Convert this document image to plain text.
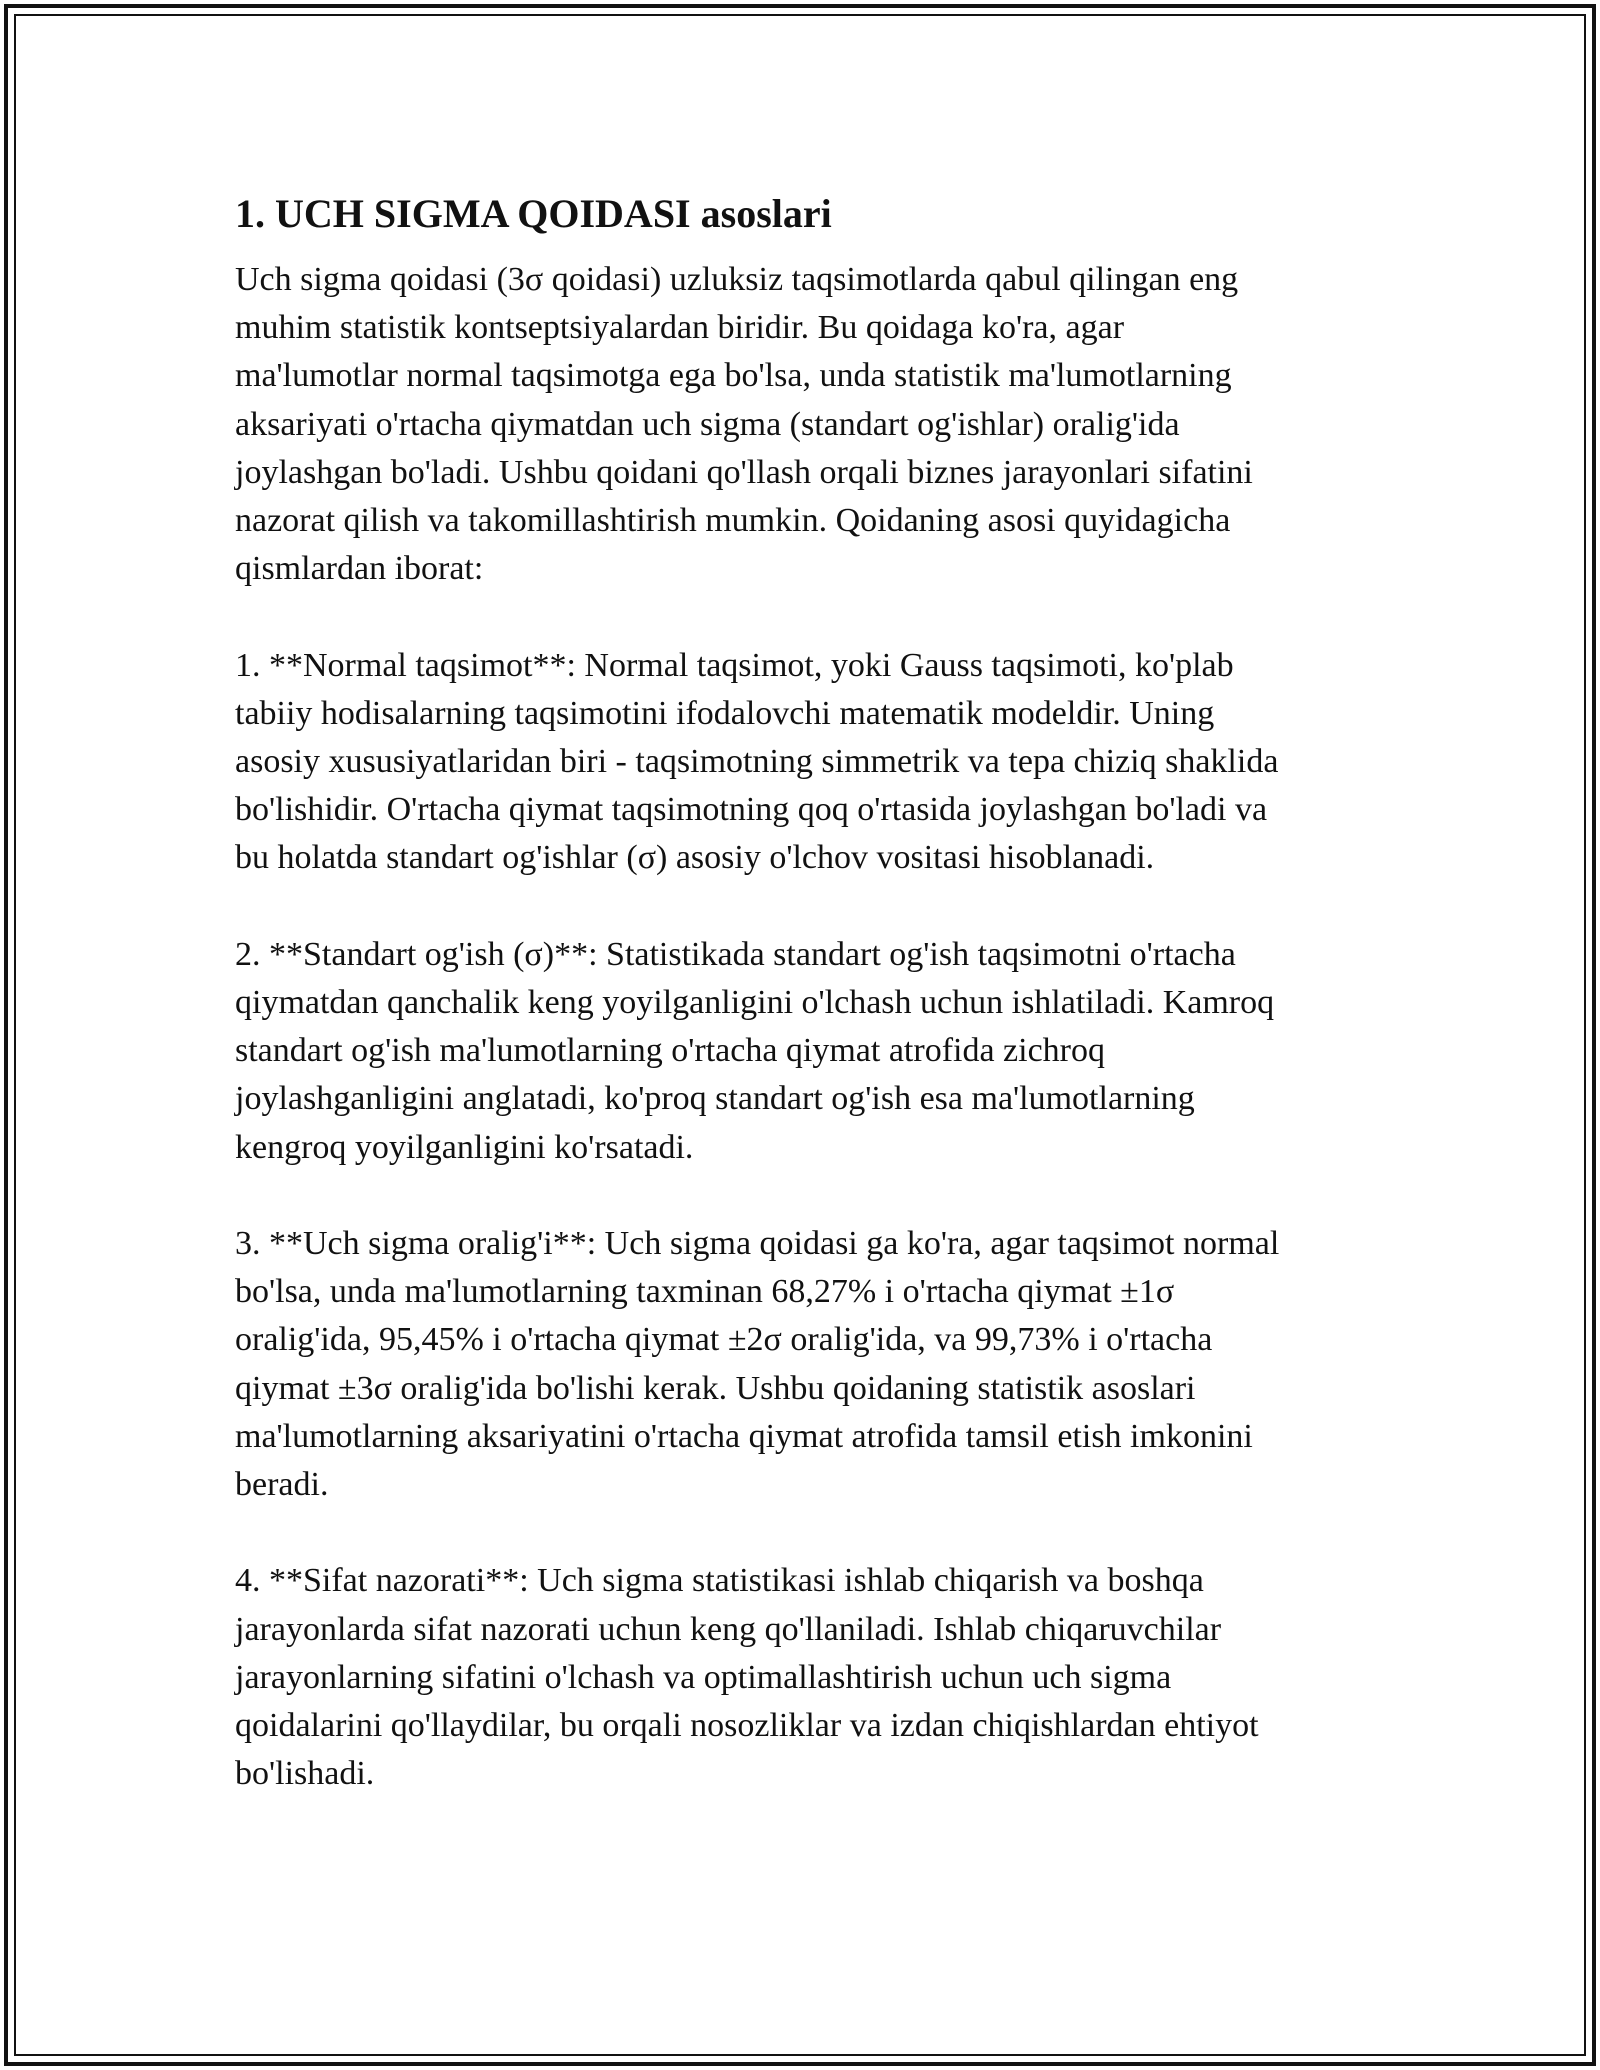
1. UCH SIGMA QOIDASI asoslari

Uch sigma qoidasi (3σ qoidasi) uzluksiz taqsimotlarda qabul qilingan eng
muhim statistik kontseptsiyalardan biridir. Bu qoidaga ko'ra, agar
ma'lumotlar normal taqsimotga ega bo'lsa, unda statistik ma'lumotlarning
aksariyati o'rtacha qiymatdan uch sigma (standart og'ishlar) oralig'ida
joylashgan bo'ladi. Ushbu qoidani qo'llash orqali biznes jarayonlari sifatini
nazorat qilish va takomillashtirish mumkin. Qoidaning asosi quyidagicha
qismlardan iborat:

1. **Normal taqsimot**: Normal taqsimot, yoki Gauss taqsimoti, ko'plab
tabiiy hodisalarning taqsimotini ifodalovchi matematik modeldir. Uning
asosiy xususiyatlaridan biri - taqsimotning simmetrik va tepa chiziq shaklida
bo'lishidir. O'rtacha qiymat taqsimotning qoq o'rtasida joylashgan bo'ladi va
bu holatda standart og'ishlar (σ) asosiy o'lchov vositasi hisoblanadi.

2. **Standart og'ish (σ)**: Statistikada standart og'ish taqsimotni o'rtacha
qiymatdan qanchalik keng yoyilganligini o'lchash uchun ishlatiladi. Kamroq
standart og'ish ma'lumotlarning o'rtacha qiymat atrofida zichroq
joylashganligini anglatadi, ko'proq standart og'ish esa ma'lumotlarning
kengroq yoyilganligini ko'rsatadi.

3. **Uch sigma oralig'i**: Uch sigma qoidasi ga ko'ra, agar taqsimot normal
bo'lsa, unda ma'lumotlarning taxminan 68,27% i o'rtacha qiymat ±1σ
oralig'ida, 95,45% i o'rtacha qiymat ±2σ oralig'ida, va 99,73% i o'rtacha
qiymat ±3σ oralig'ida bo'lishi kerak. Ushbu qoidaning statistik asoslari
ma'lumotlarning aksariyatini o'rtacha qiymat atrofida tamsil etish imkonini
beradi.

4. **Sifat nazorati**: Uch sigma statistikasi ishlab chiqarish va boshqa
jarayonlarda sifat nazorati uchun keng qo'llaniladi. Ishlab chiqaruvchilar
jarayonlarning sifatini o'lchash va optimallashtirish uchun uch sigma
qoidalarini qo'llaydilar, bu orqali nosozliklar va izdan chiqishlardan ehtiyot
bo'lishadi.
